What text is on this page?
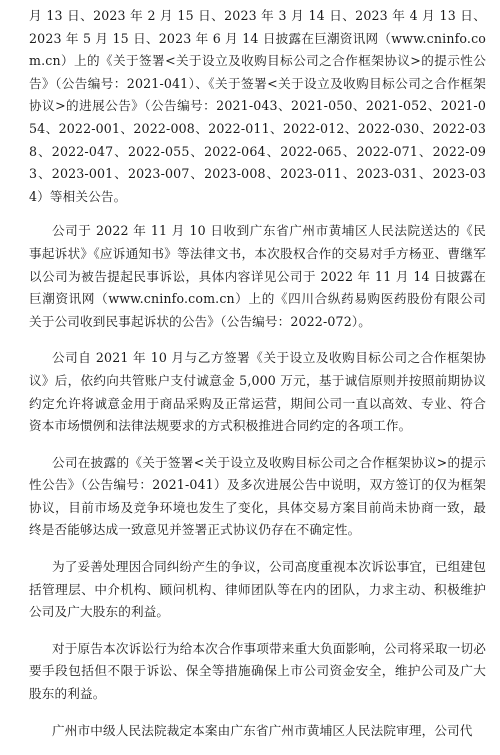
月 13 日、2023 年 2 月 15 日、2023 年 3 月 14 日、2023 年 4 月 13 日、2023 年 5 月 15 日、2023 年 6 月 14 日披露在巨潮资讯网（www.cninfo.com.cn）上的《关于签署<关于设立及收购目标公司之合作框架协议>的提示性公告》（公告编号：2021-041）、《关于签署<关于设立及收购目标公司之合作框架协议>的进展公告》（公告编号：2021-043、2021-050、2021-052、2021-054、2022-001、2022-008、2022-011、2022-012、2022-030、2022-038、2022-047、2022-055、2022-064、2022-065、2022-071、2022-093、2023-001、2023-007、2023-008、2023-011、2023-031、2023-034）等相关公告。

公司于 2022 年 11 月 10 日收到广东省广州市黄埔区人民法院送达的《民事起诉状》《应诉通知书》等法律文书，本次股权合作的交易对手方杨亚、曹继军以公司为被告提起民事诉讼，具体内容详见公司于 2022 年 11 月 14 日披露在巨潮资讯网（www.cninfo.com.cn）上的《四川合纵药易购医药股份有限公司关于公司收到民事起诉状的公告》（公告编号：2022-072）。

公司自 2021 年 10 月与乙方签署《关于设立及收购目标公司之合作框架协议》后，依约向共管账户支付诚意金 5,000 万元，基于诚信原则并按照前期协议约定允许将诚意金用于商品采购及正常运营，期间公司一直以高效、专业、符合资本市场惯例和法律法规要求的方式积极推进合同约定的各项工作。

公司在披露的《关于签署<关于设立及收购目标公司之合作框架协议>的提示性公告》（公告编号：2021-041）及多次进展公告中说明，双方签订的仅为框架协议，目前市场及竞争环境也发生了变化，具体交易方案目前尚未协商一致，最终是否能够达成一致意见并签署正式协议仍存在不确定性。

为了妥善处理因合同纠纷产生的争议，公司高度重视本次诉讼事宜，已组建包括管理层、中介机构、顾问机构、律师团队等在内的团队，力求主动、积极维护公司及广大股东的利益。

对于原告本次诉讼行为给本次合作事项带来重大负面影响，公司将采取一切必要手段包括但不限于诉讼、保全等措施确保上市公司资金安全，维护公司及广大股东的利益。

广州市中级人民法院裁定本案由广东省广州市黄埔区人民法院审理，公司代
